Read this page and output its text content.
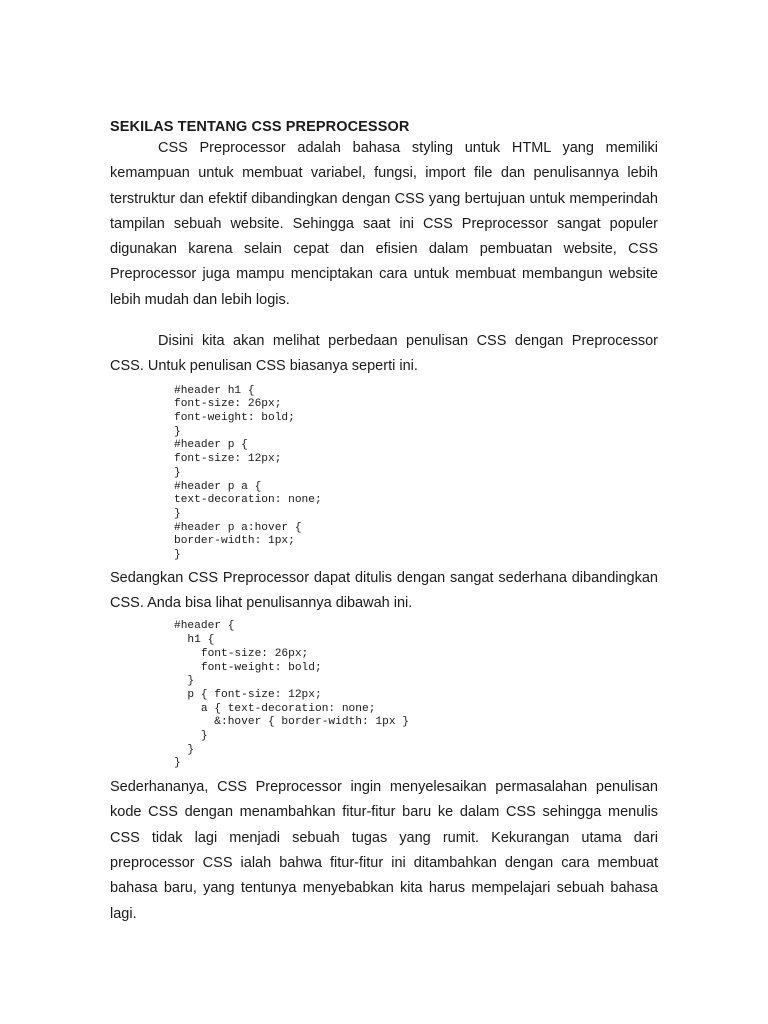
SEKILAS TENTANG CSS PREPROCESSOR

CSS Preprocessor adalah bahasa styling untuk HTML yang memiliki kemampuan untuk membuat variabel, fungsi, import file dan penulisannya lebih terstruktur dan efektif dibandingkan dengan CSS yang bertujuan untuk memperindah tampilan sebuah website. Sehingga saat ini CSS Preprocessor sangat populer digunakan karena selain cepat dan efisien dalam pembuatan website, CSS Preprocessor juga mampu menciptakan cara untuk membuat membangun website lebih mudah dan lebih logis.

Disini kita akan melihat perbedaan penulisan CSS dengan Preprocessor CSS. Untuk penulisan CSS biasanya seperti ini.

#header h1 {
font-size: 26px;
font-weight: bold;
}
#header p {
font-size: 12px;
}
#header p a {
text-decoration: none;
}
#header p a:hover {
border-width: 1px;
}

Sedangkan CSS Preprocessor dapat ditulis dengan sangat sederhana dibandingkan CSS. Anda bisa lihat penulisannya dibawah ini.

#header {
h1 {
font-size: 26px;
font-weight: bold;
}
p { font-size: 12px;
a { text-decoration: none;
&:hover { border-width: 1px }
}
}
}

Sederhananya, CSS Preprocessor ingin menyelesaikan permasalahan penulisan kode CSS dengan menambahkan fitur-fitur baru ke dalam CSS sehingga menulis CSS tidak lagi menjadi sebuah tugas yang rumit. Kekurangan utama dari preprocessor CSS ialah bahwa fitur-fitur ini ditambahkan dengan cara membuat bahasa baru, yang tentunya menyebabkan kita harus mempelajari sebuah bahasa lagi.
